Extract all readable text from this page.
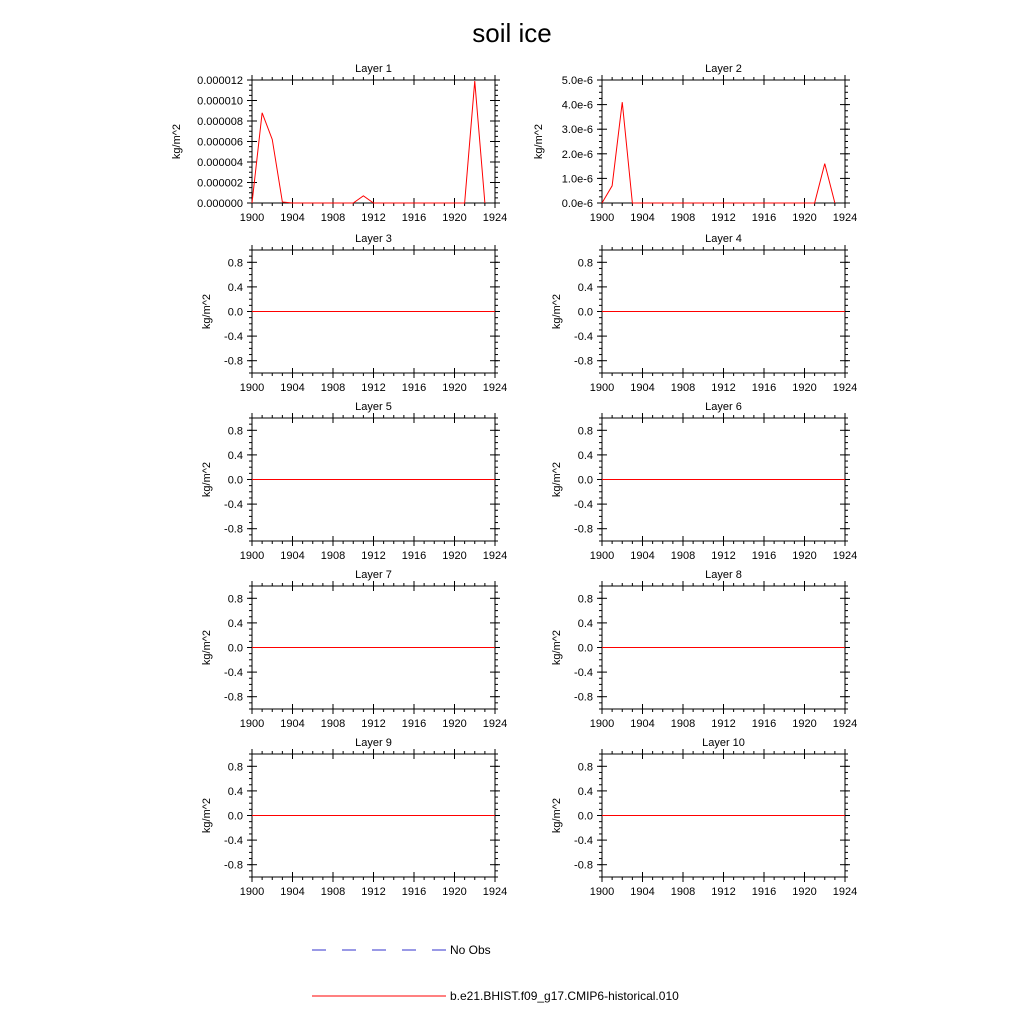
soil ice
Layer 1
1900 1904 1908 1912 1916 1920 1924
0.000000
0.000002
0.000004
0.000006
0.000008
0.000010
0.000012
kg/m^2
Layer 2
1900 1904 1908 1912 1916 1920 1924
0.0e-6
1.0e-6
2.0e-6
3.0e-6
4.0e-6
5.0e-6
kg/m^2
Layer 3
1900 1904 1908 1912 1916 1920 1924
-0.8
-0.4
0.0
0.4
0.8
kg/m^2
Layer 4
1900 1904 1908 1912 1916 1920 1924
-0.8
-0.4
0.0
0.4
0.8
kg/m^2
Layer 5
1900 1904 1908 1912 1916 1920 1924
-0.8
-0.4
0.0
0.4
0.8
kg/m^2
Layer 6
1900 1904 1908 1912 1916 1920 1924
-0.8
-0.4
0.0
0.4
0.8
kg/m^2
Layer 7
1900 1904 1908 1912 1916 1920 1924
-0.8
-0.4
0.0
0.4
0.8
kg/m^2
Layer 8
1900 1904 1908 1912 1916 1920 1924
-0.8
-0.4
0.0
0.4
0.8
kg/m^2
Layer 9
1900 1904 1908 1912 1916 1920 1924
-0.8
-0.4
0.0
0.4
0.8
kg/m^2
Layer 10
1900 1904 1908 1912 1916 1920 1924
-0.8
-0.4
0.0
0.4
0.8
kg/m^2
No Obs
b.e21.BHIST.f09_g17.CMIP6-historical.010
